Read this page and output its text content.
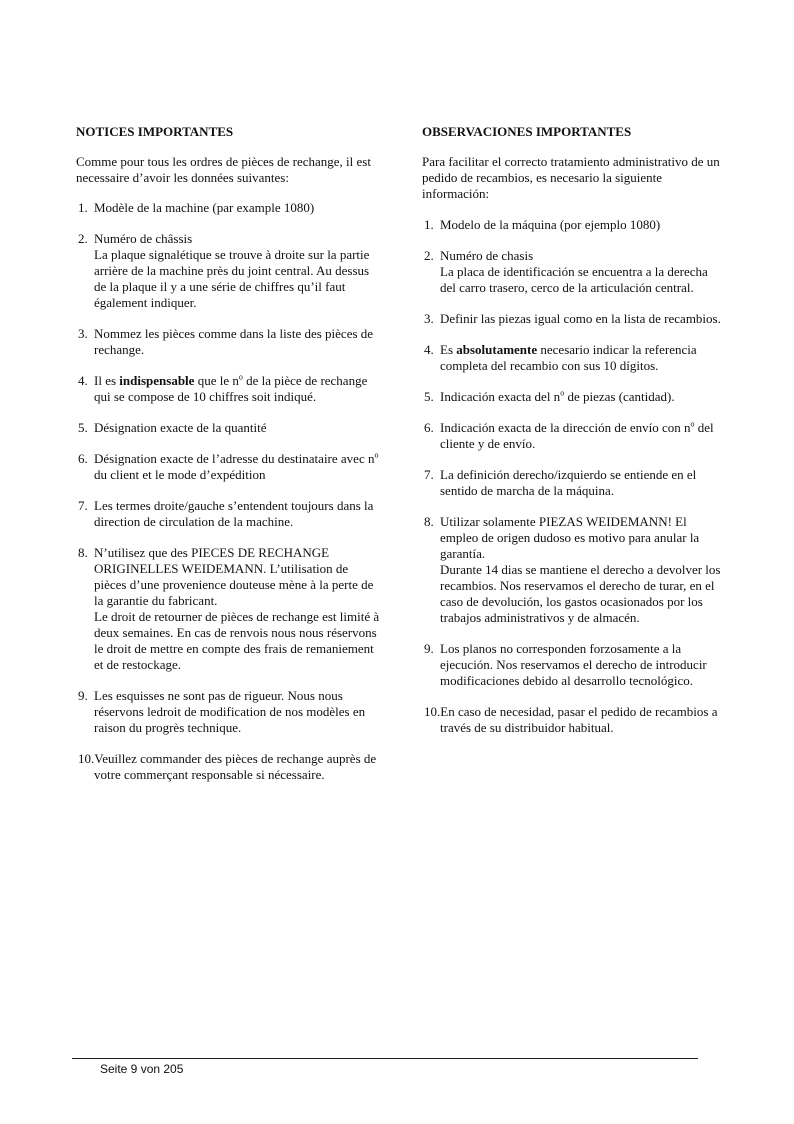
NOTICES IMPORTANTES

Comme pour tous les ordres de pièces de rechange, il est necessaire d’avoir les données suivantes:

1. Modèle de la machine (par example 1080)
2. Numéro de châssis
La plaque signalétique se trouve à droite sur la partie arrière de la machine près du joint central. Au dessus de la plaque il y a une série de chiffres qu’il faut également indiquer.
3. Nommez les pièces comme dans la liste des pièces de rechange.
4. Il es indispensable que le $n^o$ de la pièce de rechange qui se compose de 10 chiffres soit indiqué.
5. Désignation exacte de la quantité
6. Désignation exacte de l’adresse du destinataire avec $n^o$ du client et le mode d’expédition
7. Les termes droite/gauche s’entendent toujours dans la direction de circulation de la machine.
8. N’utilisez que des PIECES DE RECHANGE ORIGINELLES WEIDEMANN. L’utilisation de pièces d’une provenience douteuse mène à la perte de la garantie du fabricant.
Le droit de retourner de pièces de rechange est limité à deux semaines. En cas de renvois nous nous réservons le droit de mettre en compte des frais de remaniement et de restockage.
9. Les esquisses ne sont pas de rigueur. Nous nous réservons ledroit de modification de nos modèles en raison du progrès technique.
10.Veuillez commander des pièces de rechange auprès de votre commerçant responsable si nécessaire.
OBSERVACIONES IMPORTANTES

Para facilitar el correcto tratamiento administrativo de un pedido de recambios, es necesario la siguiente información:

1. Modelo de la máquina (por ejemplo 1080)
2. Numéro de chasis
La placa de identificación se encuentra a la derecha del carro trasero, cerco de la articulación central.
3. Definir las piezas igual como en la lista de recambios.
4. Es absolutamente necesario indicar la referencia completa del recambio con sus 10 dígitos.
5. Indicación exacta del $n^o$ de piezas (cantidad).
6. Indicación exacta de la dirección de envío con $n^o$ del cliente y de envío.
7. La definición derecho/izquierdo se entiende en el sentido de marcha de la máquina.
8. Utilizar solamente PIEZAS WEIDEMANN! El empleo de origen dudoso es motivo para anular la garantía.
Durante 14 dias se mantiene el derecho a devolver los recambios. Nos reservamos el derecho de turar, en el caso de devolución, los gastos ocasionados por los trabajos administrativos y de almacén.
9. Los planos no corresponden forzosamente a la ejecución. Nos reservamos el derecho de introducir modificaciones debido al desarrollo tecnológico.
10.En caso de necesidad, pasar el pedido de recambios a través de su distribuidor habitual.
Seite 9 von 205
